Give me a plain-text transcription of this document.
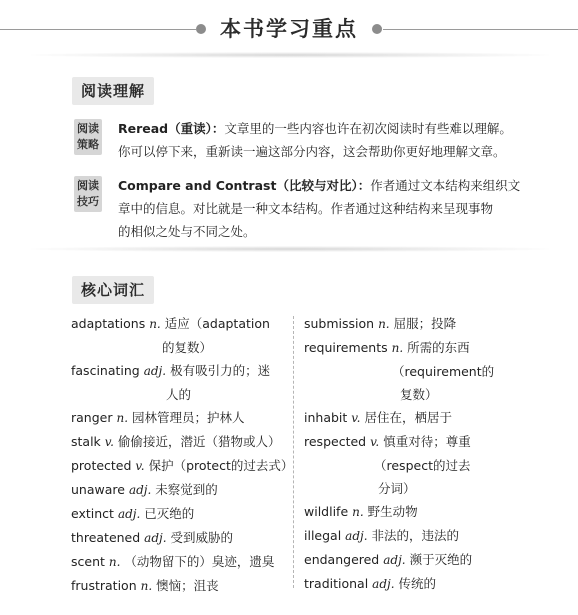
本书学习重点
阅读理解
阅读
策略
Reread（重读）：文章里的一些内容也许在初次阅读时有些难以理解。
你可以停下来，重新读一遍这部分内容，这会帮助你更好地理解文章。
阅读
技巧
Compare and Contrast（比较与对比）：作者通过文本结构来组织文
章中的信息。对比就是一种文本结构。作者通过这种结构来呈现事物
的相似之处与不同之处。
核心词汇
adaptations n. 适应（adaptation
的复数）
fascinating adj. 极有吸引力的；迷
人的
ranger n. 园林管理员；护林人
stalk v. 偷偷接近，潜近（猎物或人）
protected v. 保护（protect的过去式）
unaware adj. 未察觉到的
extinct adj. 已灭绝的
threatened adj. 受到威胁的
scent n. （动物留下的）臭迹，遗臭
frustration n. 懊恼；沮丧
submission n. 屈服；投降
requirements n. 所需的东西
（requirement的
复数）
inhabit v. 居住在，栖居于
respected v. 慎重对待；尊重
（respect的过去
分词）
wildlife n. 野生动物
illegal adj. 非法的，违法的
endangered adj. 濒于灭绝的
traditional adj. 传统的
